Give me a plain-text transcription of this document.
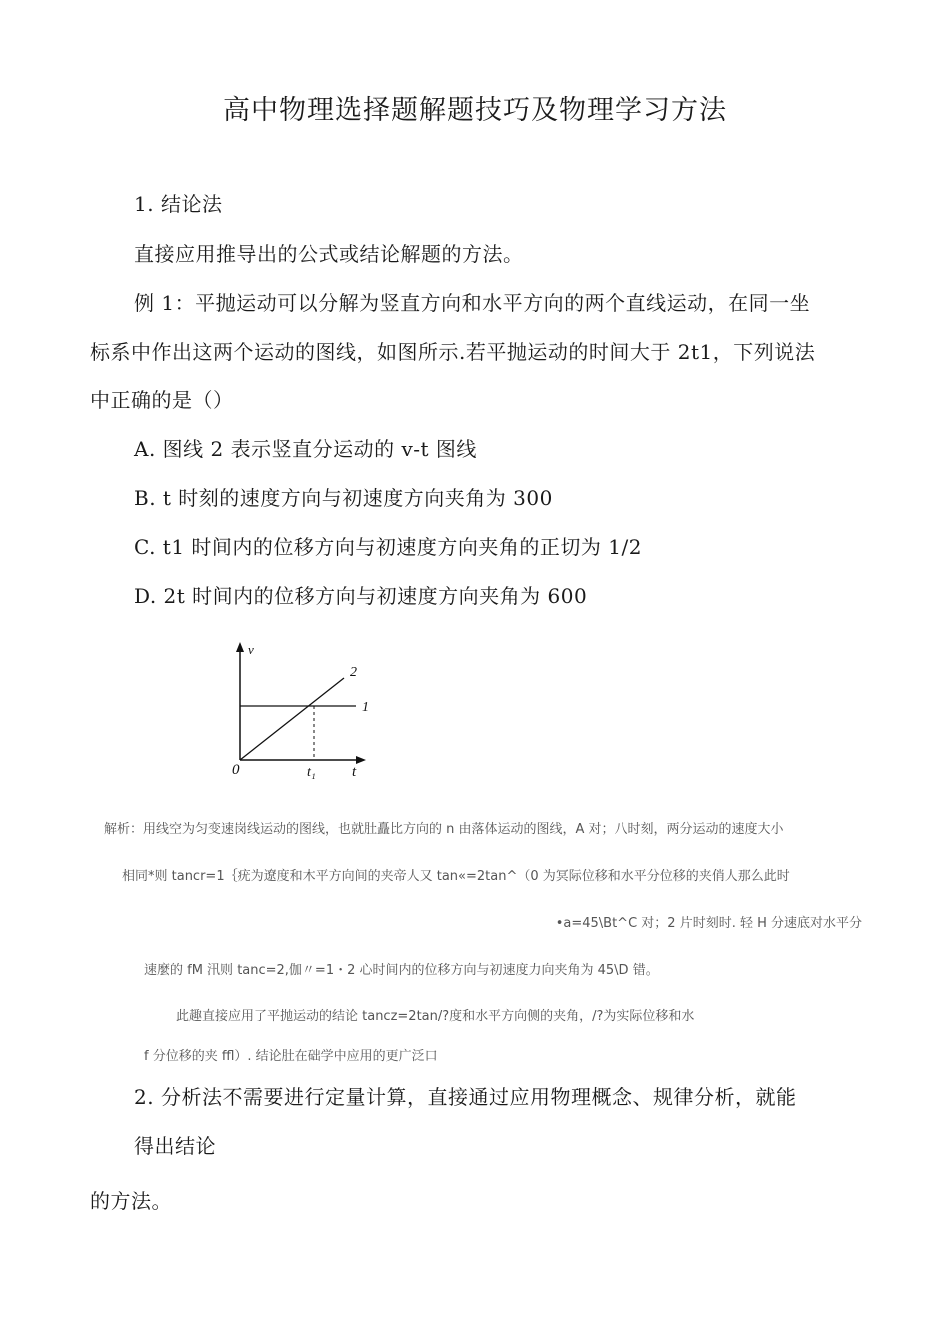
高中物理选择题解题技巧及物理学习方法
1. 结论法
直接应用推导出的公式或结论解题的方法。
例 1：平抛运动可以分解为竖直方向和水平方向的两个直线运动，在同一坐
标系中作出这两个运动的图线，如图所示.若平抛运动的时间大于 2t1，下列说法
中正确的是（）
A. 图线 2 表示竖直分运动的 v-t 图线
B. t 时刻的速度方向与初速度方向夹角为 300
C. t1 时间内的位移方向与初速度方向夹角的正切为 1/2
D. 2t 时间内的位移方向与初速度方向夹角为 600
v
t
0	t₁
1
2
解析：用线空为匀变速岗线运动的图线，也就肚矗比方向的 n 由落体运动的图线，A 对；八时刻，两分运动的速度大小
相同*则 tancr=1｛疣为遼度和木平方向间的夹帝人又 tan«=2tan^（0 为冥际位移和水平分位移的夹俏人那么此时
•a=45\Bt^C 对；2 片时刻时. 轻 H 分速底对水平分
速麼的 fM 汛则 tanc=2,伽〃=1・2 心时间内的位移方向与初速度力向夹角为 45\D 错。
此趣直接应用了平抛运动的结论 tancz=2tan/?度和水平方向侧的夹角，/?为实际位移和水
f 分位移的夹 ffl）. 结论肚在础学中应用的更广泛口
2. 分析法不需要进行定量计算，直接通过应用物理概念、规律分析，就能
得出结论
的方法。
